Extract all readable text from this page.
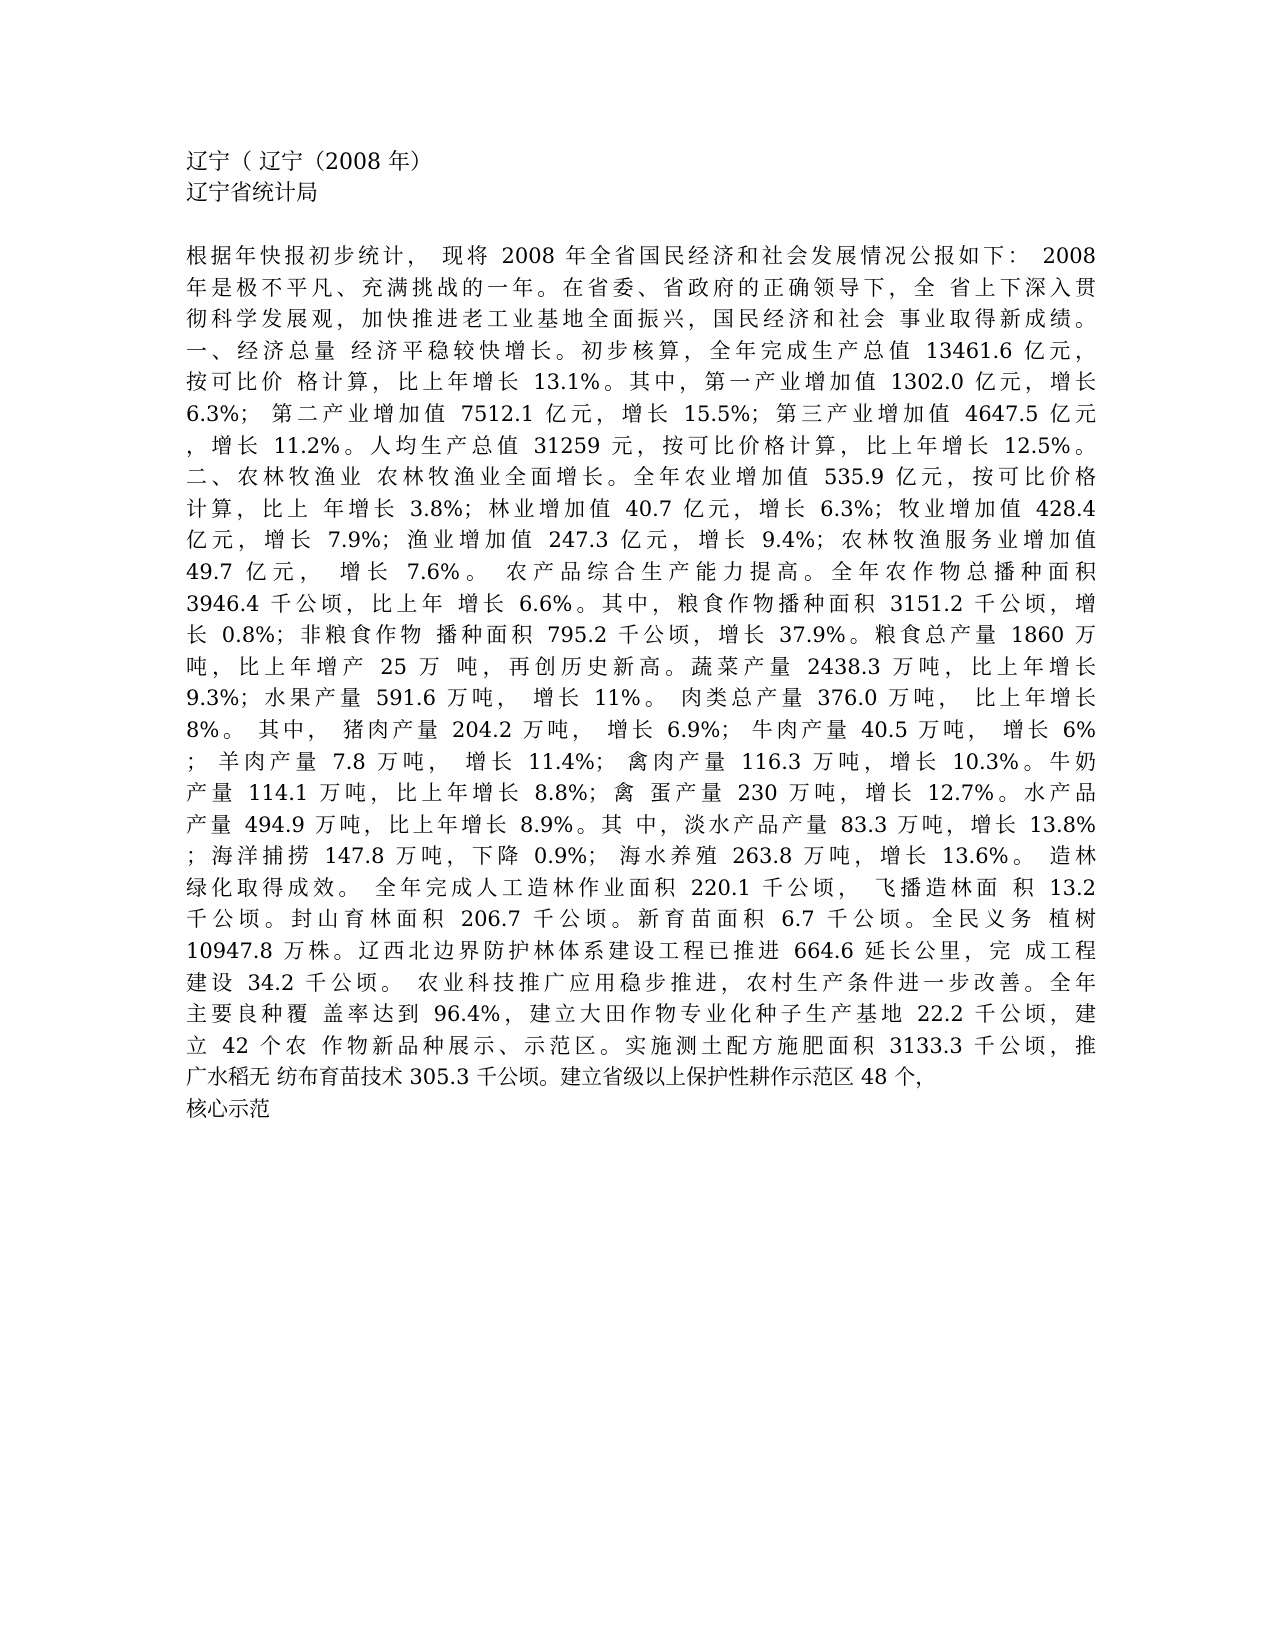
辽宁（ 辽宁（2008 年）
辽宁省统计局
根据年快报初步统计， 现将 2008 年全省国民经济和社会发展情况公报如下： 2008
年是极不平凡、充满挑战的一年。在省委、省政府的正确领导下，全 省上下深入贯
彻科学发展观，加快推进老工业基地全面振兴，国民经济和社会 事业取得新成绩。
一、经济总量 经济平稳较快增长。初步核算，全年完成生产总值 13461.6 亿元，
按可比价 格计算，比上年增长 13.1%。其中，第一产业增加值 1302.0 亿元，增长
6.3%； 第二产业增加值 7512.1 亿元，增长 15.5%；第三产业增加值 4647.5 亿元
，增长 11.2%。人均生产总值 31259 元，按可比价格计算，比上年增长 12.5%。
二、农林牧渔业 农林牧渔业全面增长。全年农业增加值 535.9 亿元，按可比价格
计算，比上 年增长 3.8%；林业增加值 40.7 亿元，增长 6.3%；牧业增加值 428.4
亿元，增长 7.9%；渔业增加值 247.3 亿元，增长 9.4%；农林牧渔服务业增加值
49.7 亿元， 增长 7.6%。 农产品综合生产能力提高。全年农作物总播种面积
3946.4 千公顷，比上年 增长 6.6%。其中，粮食作物播种面积 3151.2 千公顷，增
长 0.8%；非粮食作物 播种面积 795.2 千公顷，增长 37.9%。粮食总产量 1860 万
吨，比上年增产 25 万 吨，再创历史新高。蔬菜产量 2438.3 万吨，比上年增长
9.3%；水果产量 591.6 万吨， 增长 11%。 肉类总产量 376.0 万吨， 比上年增长
8%。 其中， 猪肉产量 204.2 万吨， 增长 6.9%； 牛肉产量 40.5 万吨， 增长 6%
； 羊肉产量 7.8 万吨， 增长 11.4%； 禽肉产量 116.3 万吨，增长 10.3%。牛奶
产量 114.1 万吨，比上年增长 8.8%；禽 蛋产量 230 万吨，增长 12.7%。水产品
产量 494.9 万吨，比上年增长 8.9%。其 中，淡水产品产量 83.3 万吨，增长 13.8%
；海洋捕捞 147.8 万吨，下降 0.9%； 海水养殖 263.8 万吨，增长 13.6%。 造林
绿化取得成效。 全年完成人工造林作业面积 220.1 千公顷， 飞播造林面 积 13.2
千公顷。封山育林面积 206.7 千公顷。新育苗面积 6.7 千公顷。全民义务 植树
10947.8 万株。辽西北边界防护林体系建设工程已推进 664.6 延长公里，完 成工程
建设 34.2 千公顷。 农业科技推广应用稳步推进，农村生产条件进一步改善。全年
主要良种覆 盖率达到 96.4%，建立大田作物专业化种子生产基地 22.2 千公顷，建
立 42 个农 作物新品种展示、示范区。实施测土配方施肥面积 3133.3 千公顷，推
广水稻无 纺布育苗技术 305.3 千公顷。建立省级以上保护性耕作示范区 48 个，
核心示范
